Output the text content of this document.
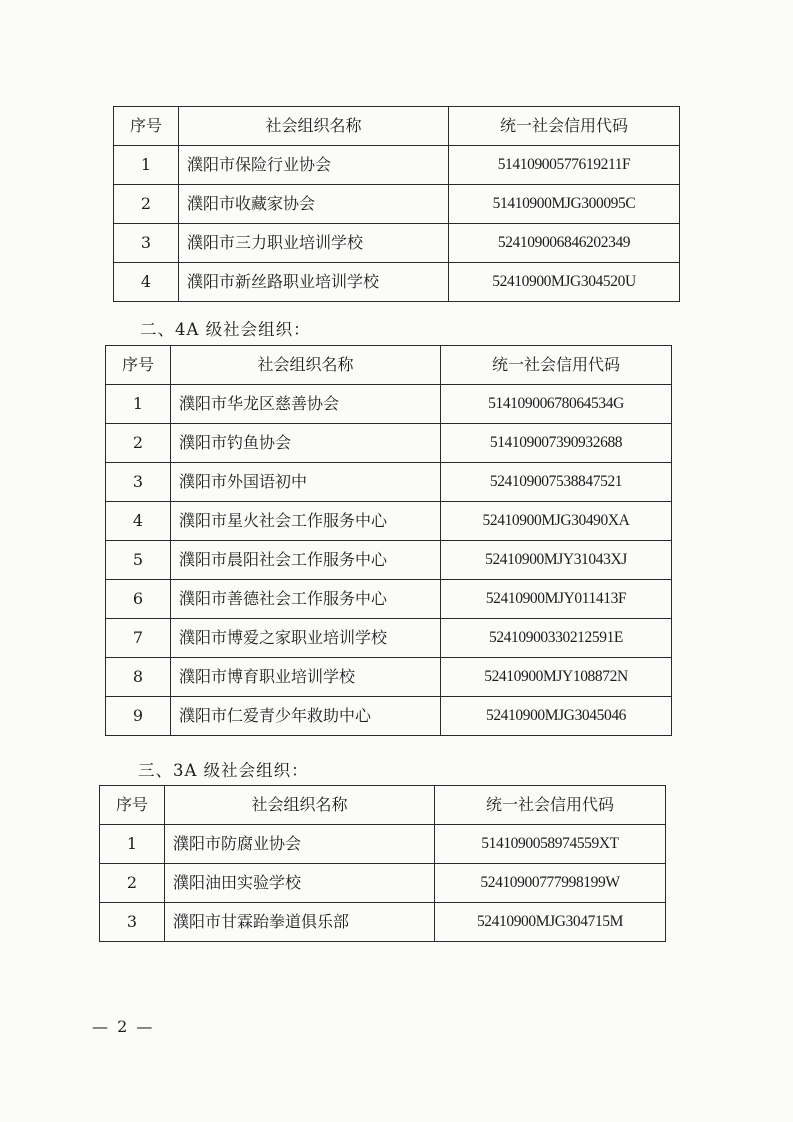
序号	社会组织名称	统一社会信用代码
1	濮阳市保险行业协会	51410900577619211F
2	濮阳市收藏家协会	51410900MJG300095C
3	濮阳市三力职业培训学校	524109006846202349
4	濮阳市新丝路职业培训学校	52410900MJG304520U
二、4A 级社会组织：
序号	社会组织名称	统一社会信用代码
1	濮阳市华龙区慈善协会	51410900678064534G
2	濮阳市钓鱼协会	514109007390932688
3	濮阳市外国语初中	524109007538847521
4	濮阳市星火社会工作服务中心	52410900MJG30490XA
5	濮阳市晨阳社会工作服务中心	52410900MJY31043XJ
6	濮阳市善德社会工作服务中心	52410900MJY011413F
7	濮阳市博爱之家职业培训学校	52410900330212591E
8	濮阳市博育职业培训学校	52410900MJY108872N
9	濮阳市仁爱青少年救助中心	52410900MJG3045046
三、3A 级社会组织：
序号	社会组织名称	统一社会信用代码
1	濮阳市防腐业协会	5141090058974559XT
2	濮阳油田实验学校	52410900777998199W
3	濮阳市甘霖跆拳道俱乐部	52410900MJG304715M
— 2 —
